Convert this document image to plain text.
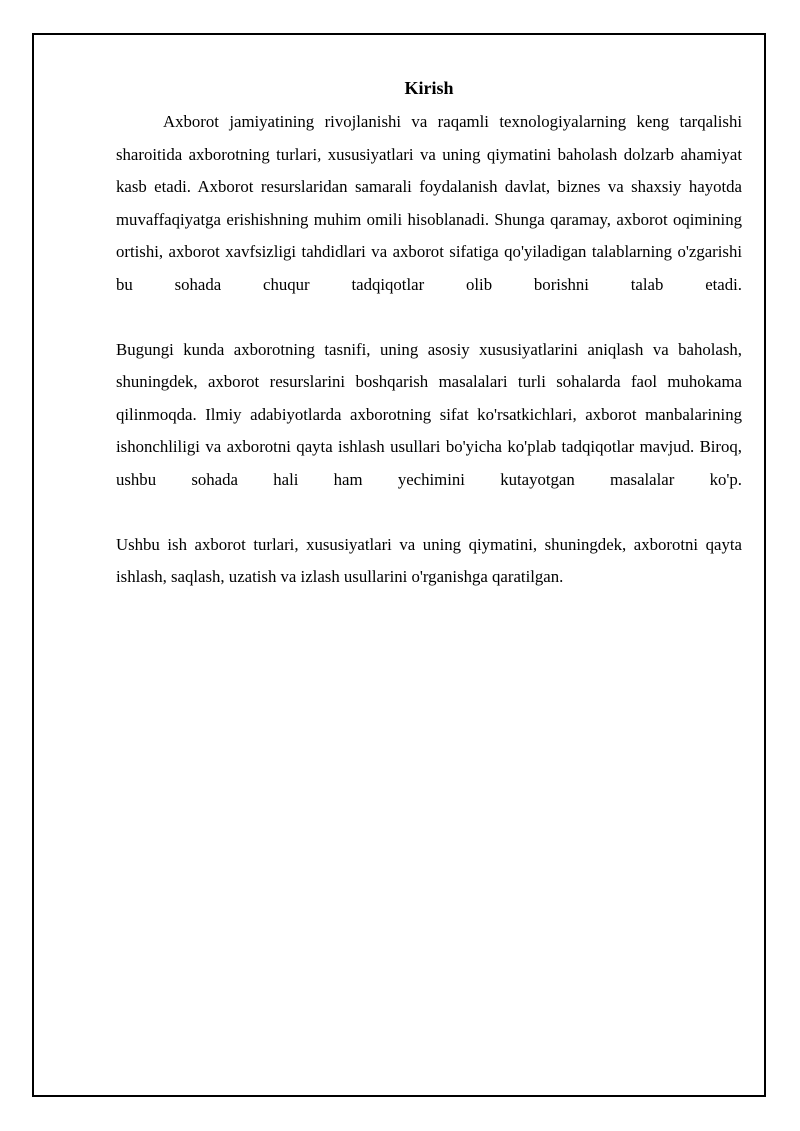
Kirish

Axborot jamiyatining rivojlanishi va raqamli texnologiyalarning keng tarqalishi sharoitida axborotning turlari, xususiyatlari va uning qiymatini baholash dolzarb ahamiyat kasb etadi. Axborot resurslaridan samarali foydalanish davlat, biznes va shaxsiy hayotda muvaffaqiyatga erishishning muhim omili hisoblanadi. Shunga qaramay, axborot oqimining ortishi, axborot xavfsizligi tahdidlari va axborot sifatiga qo'yiladigan talablarning o'zgarishi bu sohada chuqur tadqiqotlar olib borishni talab etadi.

Bugungi kunda axborotning tasnifi, uning asosiy xususiyatlarini aniqlash va baholash, shuningdek, axborot resurslarini boshqarish masalalari turli sohalarda faol muhokama qilinmoqda. Ilmiy adabiyotlarda axborotning sifat ko'rsatkichlari, axborot manbalarining ishonchliligi va axborotni qayta ishlash usullari bo'yicha ko'plab tadqiqotlar mavjud. Biroq, ushbu sohada hali ham yechimini kutayotgan masalalar ko'p.

Ushbu ish axborot turlari, xususiyatlari va uning qiymatini, shuningdek, axborotni qayta ishlash, saqlash, uzatish va izlash usullarini o'rganishga qaratilgan.
